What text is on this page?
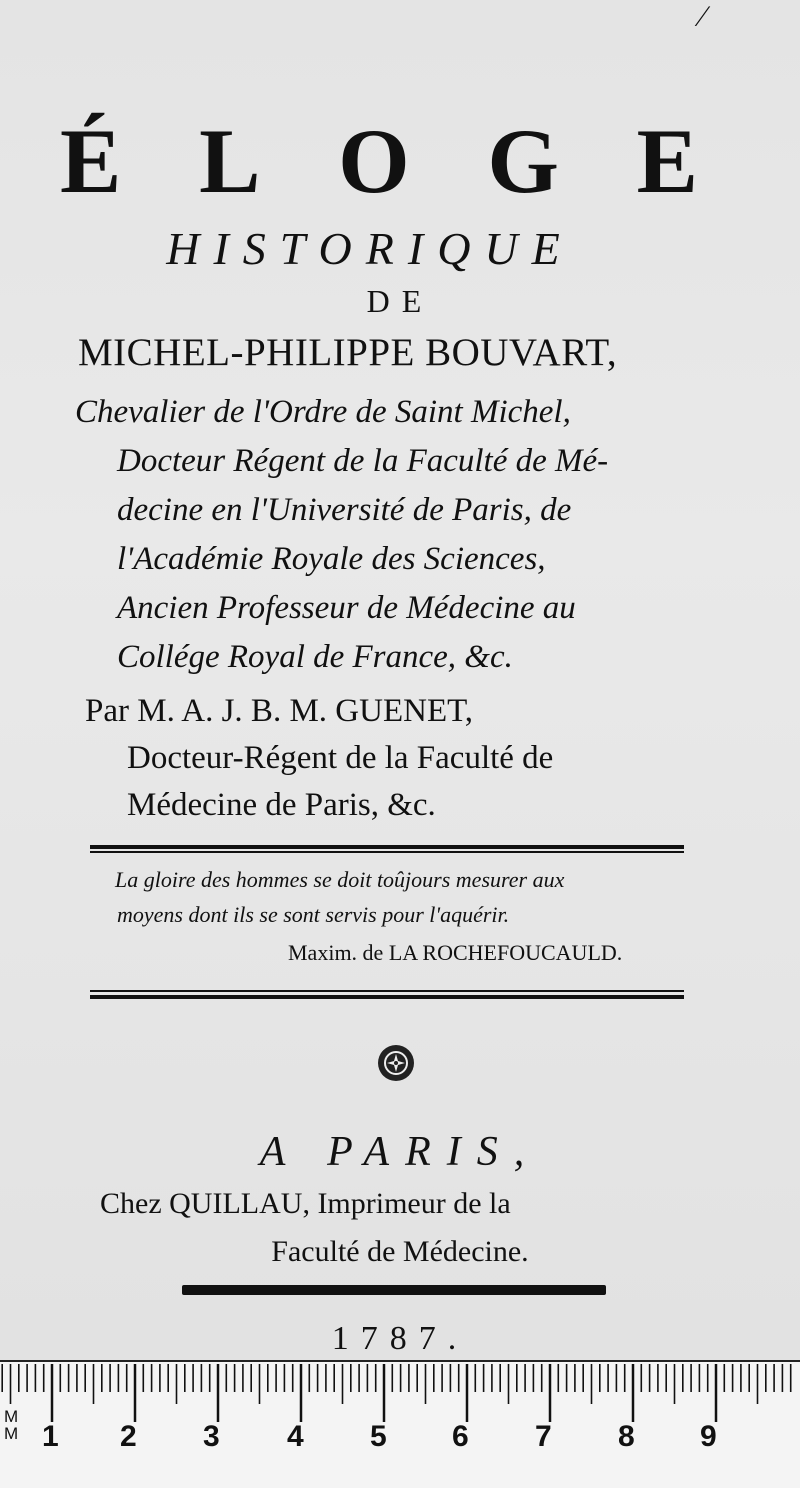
∕
É L O G E
HISTORIQUE
DE
MICHEL-PHILIPPE BOUVART,
Chevalier de l'Ordre de Saint Michel,
Docteur Régent de la Faculté de Mé-
decine en l'Université de Paris, de
l'Académie Royale des Sciences,
Ancien Professeur de Médecine au
Collége Royal de France, &c.
Par M. A. J. B. M. GUENET,
Docteur-Régent de la Faculté de
Médecine de Paris, &c.
La gloire des hommes se doit toûjours mesurer aux
moyens dont ils se sont servis pour l'aquérir.
Maxim. de LA ROCHEFOUCAULD.
A PARIS,
Chez QUILLAU, Imprimeur de la
Faculté de Médecine.
1787.
M
M 1 2 3 4 5 6 7 8 9
